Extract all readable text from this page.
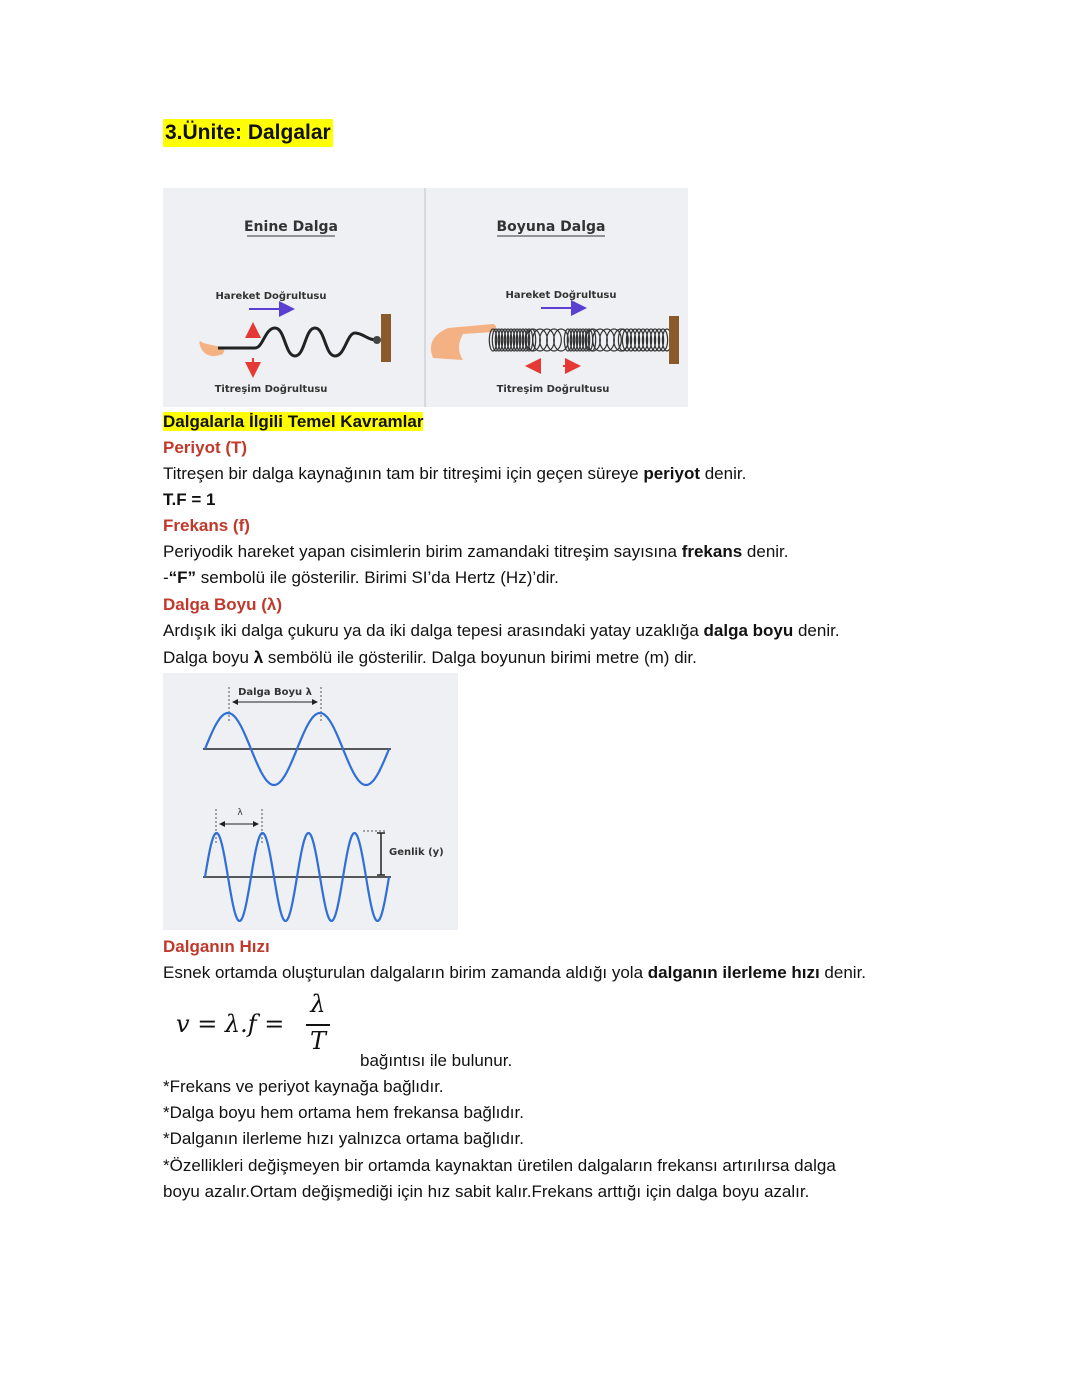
3.Ünite: Dalgalar
Enine Dalga
Hareket Doğrultusu
Titreşim Doğrultusu
Boyuna Dalga
Hareket Doğrultusu
Titreşim Doğrultusu
Dalgalarla İlgili Temel Kavramlar
Periyot (T)
Titreşen bir dalga kaynağının tam bir titreşimi için geçen süreye periyot denir.
T.F = 1
Frekans (f)
Periyodik hareket yapan cisimlerin birim zamandaki titreşim sayısına frekans denir.
-“F” sembolü ile gösterilir. Birimi SI’da Hertz (Hz)’dir.
Dalga Boyu (λ)
Ardışık iki dalga çukuru ya da iki dalga tepesi arasındaki yatay uzaklığa dalga boyu denir.
Dalga boyu λ sembölü ile gösterilir. Dalga boyunun birimi metre (m) dir.
Dalga Boyu λ
λ
Genlik (y)
Dalganın Hızı
Esnek ortamda oluşturulan dalgaların birim zamanda aldığı yola dalganın ilerleme hızı denir.
v = λ.f =
λ
T
bağıntısı ile bulunur.
*Frekans ve periyot kaynağa bağlıdır.
*Dalga boyu hem ortama hem frekansa bağlıdır.
*Dalganın ilerleme hızı yalnızca ortama bağlıdır.
*Özellikleri değişmeyen bir ortamda kaynaktan üretilen dalgaların frekansı artırılırsa dalga
boyu azalır.Ortam değişmediği için hız sabit kalır.Frekans arttığı için dalga boyu azalır.
